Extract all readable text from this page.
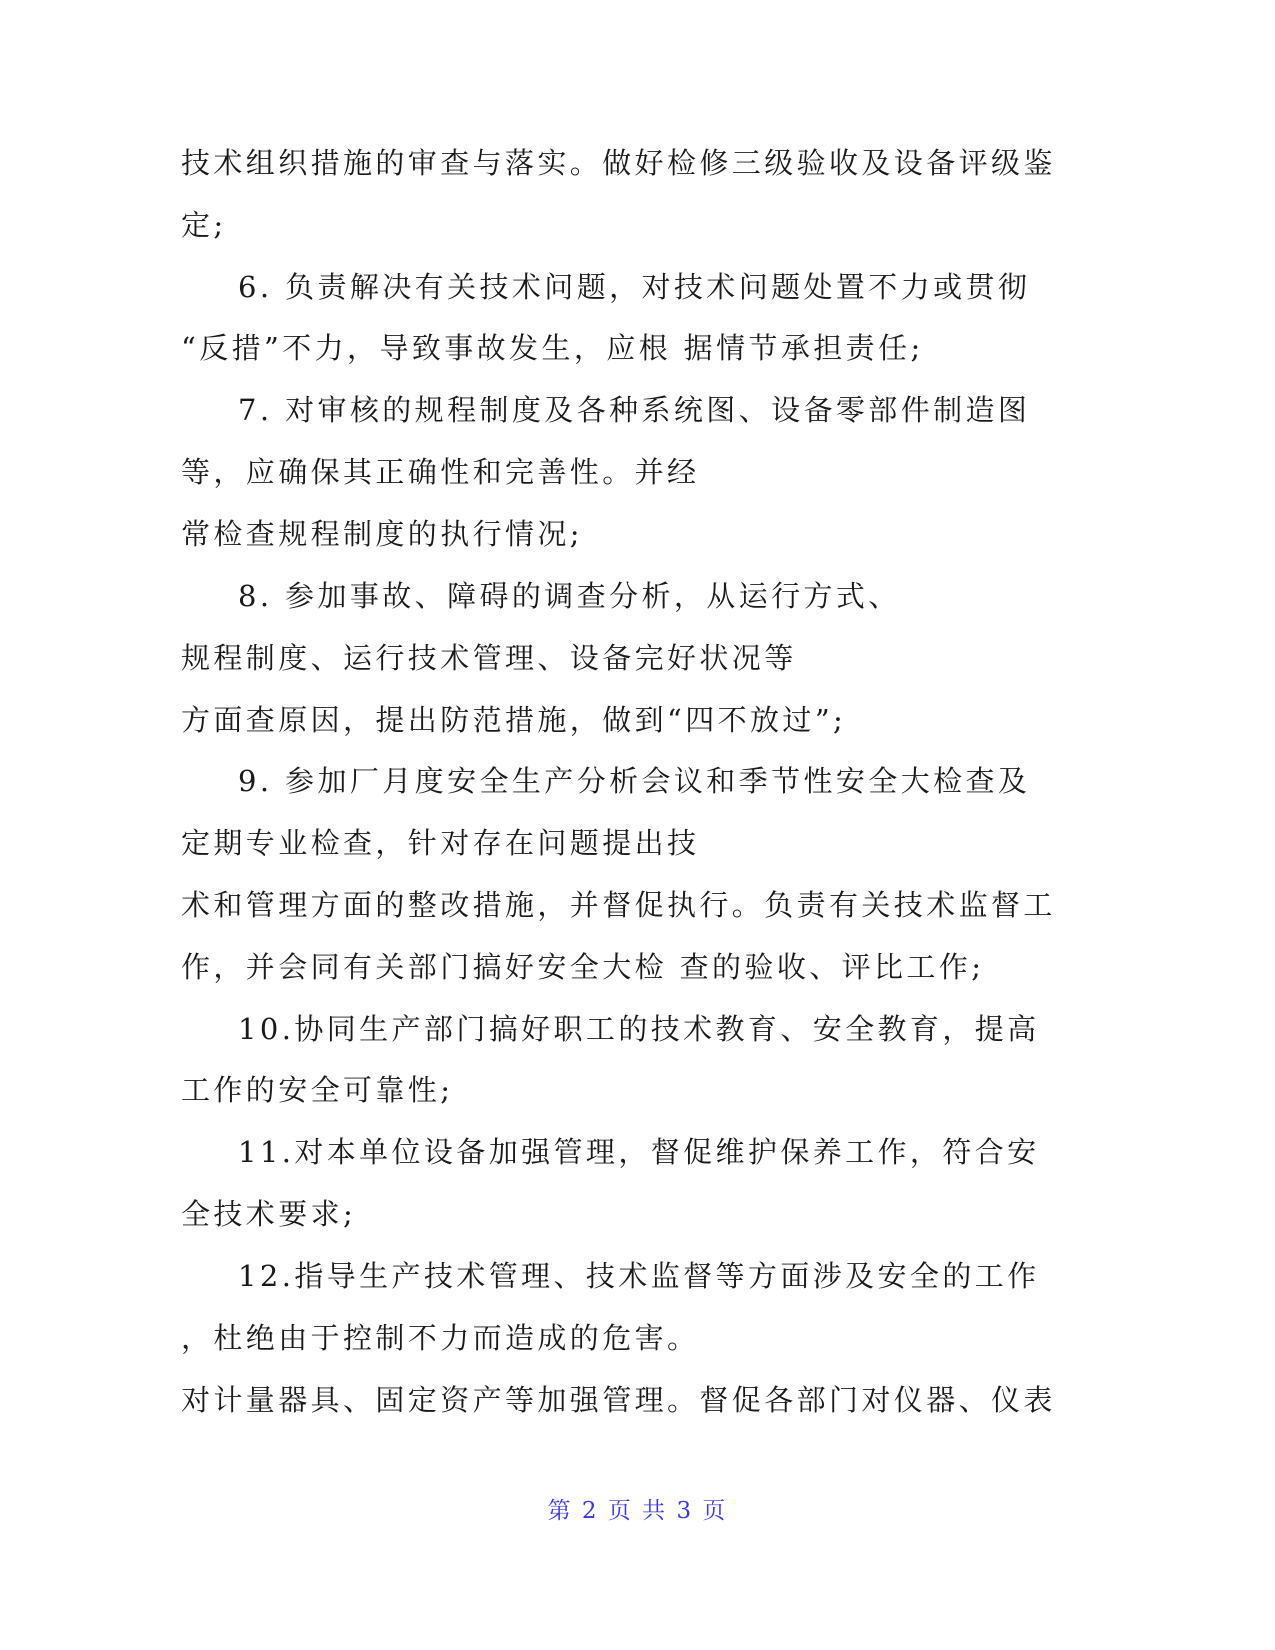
技术组织措施的审查与落实。做好检修三级验收及设备评级鉴
定;
6. 负责解决有关技术问题，对技术问题处置不力或贯彻
“反措”不力，导致事故发生，应根 据情节承担责任;
7. 对审核的规程制度及各种系统图、设备零部件制造图
等，应确保其正确性和完善性。并经
常检查规程制度的执行情况;
8. 参加事故、障碍的调查分析，从运行方式、
规程制度、运行技术管理、设备完好状况等
方面查原因，提出防范措施，做到“四不放过”;
9. 参加厂月度安全生产分析会议和季节性安全大检查及
定期专业检查，针对存在问题提出技
术和管理方面的整改措施，并督促执行。负责有关技术监督工
作，并会同有关部门搞好安全大检 查的验收、评比工作;
10.协同生产部门搞好职工的技术教育、安全教育，提高
工作的安全可靠性;
11.对本单位设备加强管理，督促维护保养工作，符合安
全技术要求;
12.指导生产技术管理、技术监督等方面涉及安全的工作
，杜绝由于控制不力而造成的危害。
对计量器具、固定资产等加强管理。督促各部门对仪器、仪表
第 2 页 共 3 页
